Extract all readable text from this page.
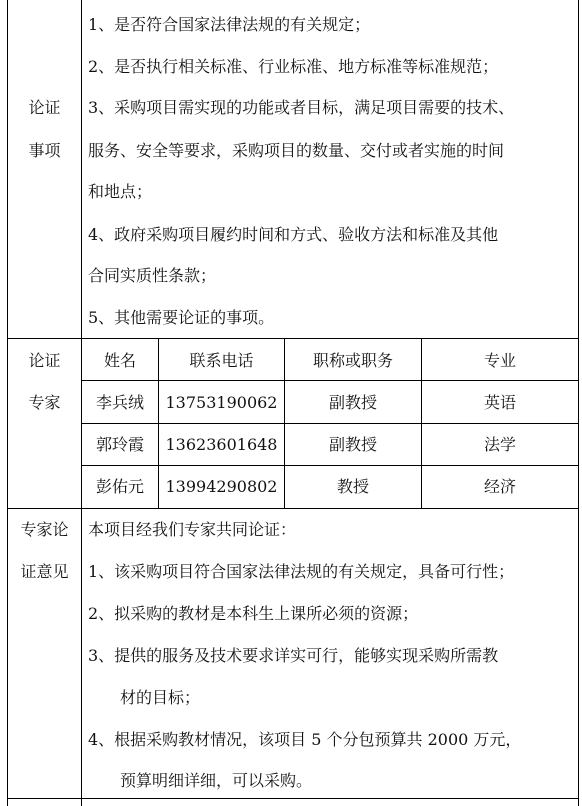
论证
事项
1、是否符合国家法律法规的有关规定；
2、是否执行相关标准、行业标准、地方标准等标准规范；
3、采购项目需实现的功能或者目标，满足项目需要的技术、
服务、安全等要求，采购项目的数量、交付或者实施的时间
和地点；
4、政府采购项目履约时间和方式、验收方法和标准及其他
合同实质性条款；
5、其他需要论证的事项。
论证
专家
姓名	联系电话	职称或职务	专业
李兵绒	13753190062	副教授	英语
郭玲霞	13623601648	副教授	法学
彭佑元	13994290802	教授	经济
专家论
证意见
本项目经我们专家共同论证：
1、该采购项目符合国家法律法规的有关规定，具备可行性；
2、拟采购的教材是本科生上课所必须的资源；
3、提供的服务及技术要求详实可行，能够实现采购所需教
材的目标；
4、根据采购教材情况，该项目 5 个分包预算共 2000 万元，
预算明细详细，可以采购。
